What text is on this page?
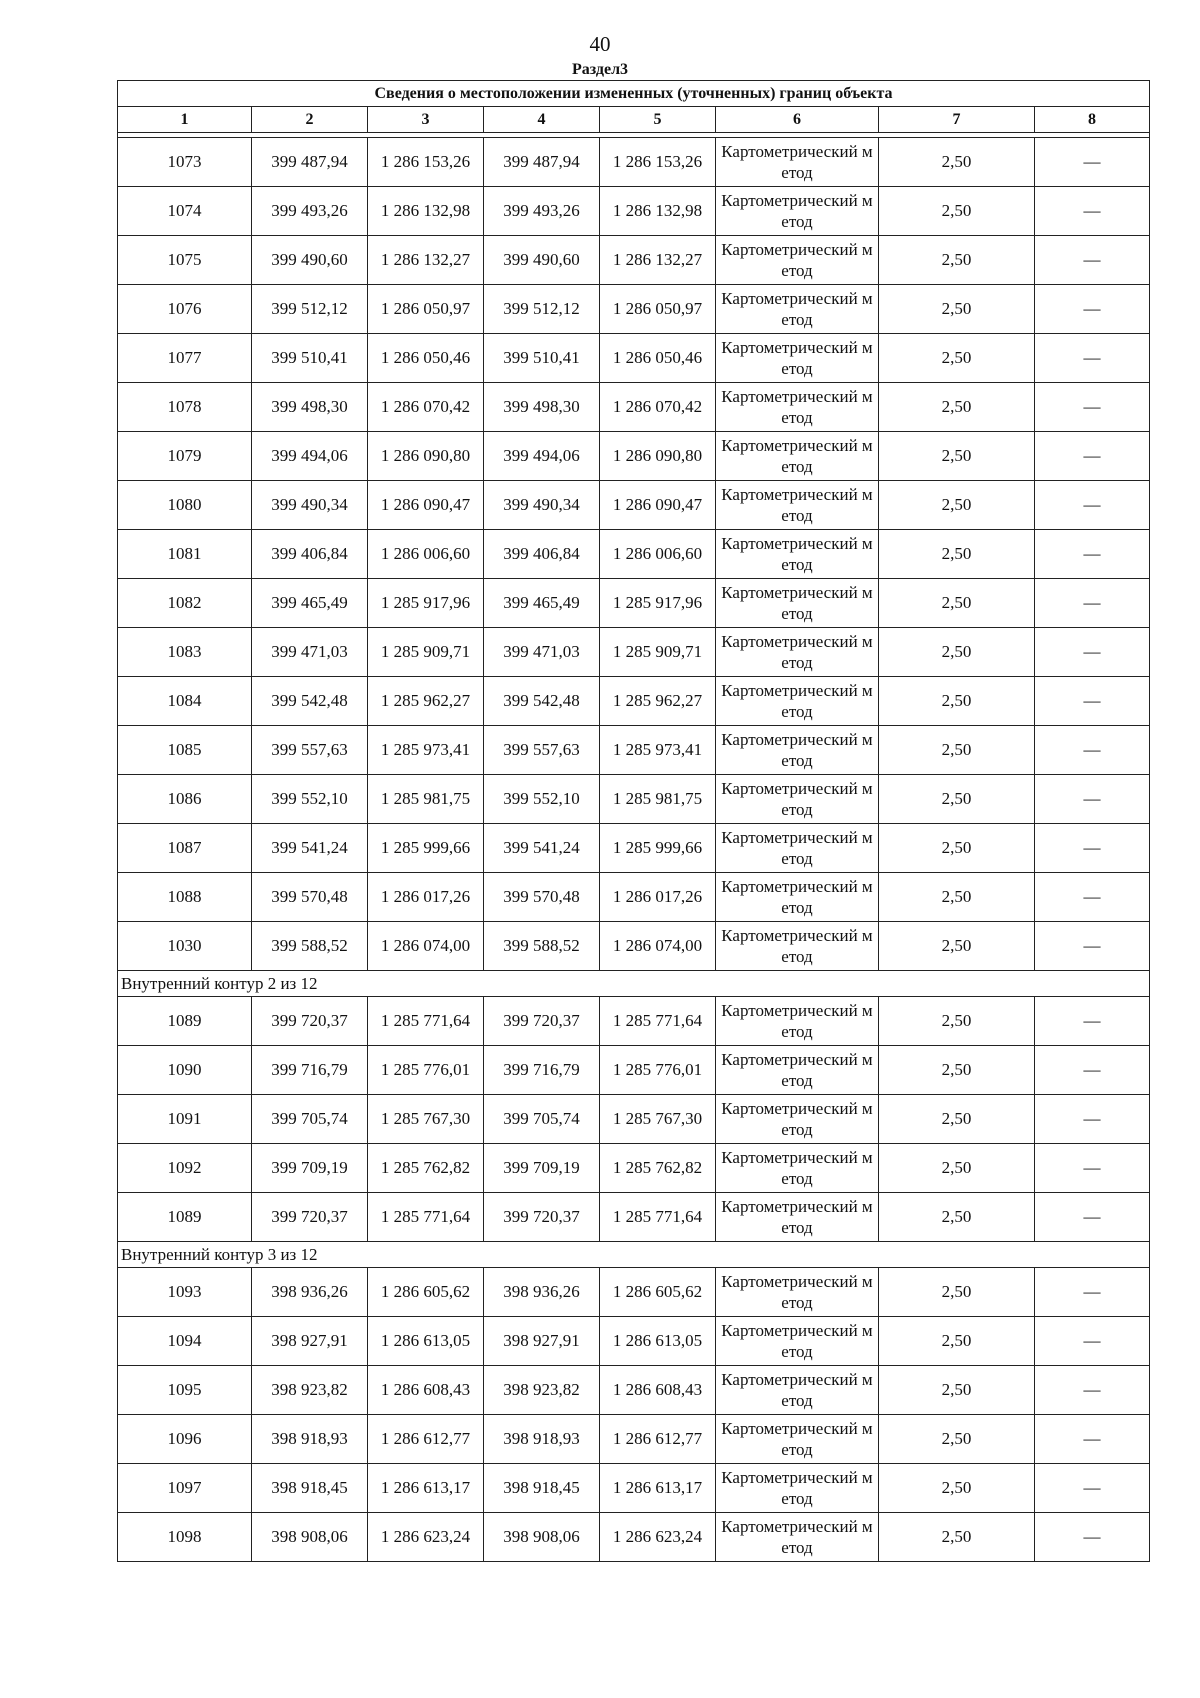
40
Раздел3
Сведения о местоположении измененных (уточненных) границ объекта							
1	2	3	4	5	6	7	8

1073	399 487,94	1 286 153,26	399 487,94	1 286 153,26	Картометрический метод	2,50	—
1074	399 493,26	1 286 132,98	399 493,26	1 286 132,98	Картометрический метод	2,50	—
1075	399 490,60	1 286 132,27	399 490,60	1 286 132,27	Картометрический метод	2,50	—
1076	399 512,12	1 286 050,97	399 512,12	1 286 050,97	Картометрический метод	2,50	—
1077	399 510,41	1 286 050,46	399 510,41	1 286 050,46	Картометрический метод	2,50	—
1078	399 498,30	1 286 070,42	399 498,30	1 286 070,42	Картометрический метод	2,50	—
1079	399 494,06	1 286 090,80	399 494,06	1 286 090,80	Картометрический метод	2,50	—
1080	399 490,34	1 286 090,47	399 490,34	1 286 090,47	Картометрический метод	2,50	—
1081	399 406,84	1 286 006,60	399 406,84	1 286 006,60	Картометрический метод	2,50	—
1082	399 465,49	1 285 917,96	399 465,49	1 285 917,96	Картометрический метод	2,50	—
1083	399 471,03	1 285 909,71	399 471,03	1 285 909,71	Картометрический метод	2,50	—
1084	399 542,48	1 285 962,27	399 542,48	1 285 962,27	Картометрический метод	2,50	—
1085	399 557,63	1 285 973,41	399 557,63	1 285 973,41	Картометрический метод	2,50	—
1086	399 552,10	1 285 981,75	399 552,10	1 285 981,75	Картометрический метод	2,50	—
1087	399 541,24	1 285 999,66	399 541,24	1 285 999,66	Картометрический метод	2,50	—
1088	399 570,48	1 286 017,26	399 570,48	1 286 017,26	Картометрический метод	2,50	—
1030	399 588,52	1 286 074,00	399 588,52	1 286 074,00	Картометрический метод	2,50	—
Внутренний контур 2 из 12							
1089	399 720,37	1 285 771,64	399 720,37	1 285 771,64	Картометрический метод	2,50	—
1090	399 716,79	1 285 776,01	399 716,79	1 285 776,01	Картометрический метод	2,50	—
1091	399 705,74	1 285 767,30	399 705,74	1 285 767,30	Картометрический метод	2,50	—
1092	399 709,19	1 285 762,82	399 709,19	1 285 762,82	Картометрический метод	2,50	—
1089	399 720,37	1 285 771,64	399 720,37	1 285 771,64	Картометрический метод	2,50	—
Внутренний контур 3 из 12							
1093	398 936,26	1 286 605,62	398 936,26	1 286 605,62	Картометрический метод	2,50	—
1094	398 927,91	1 286 613,05	398 927,91	1 286 613,05	Картометрический метод	2,50	—
1095	398 923,82	1 286 608,43	398 923,82	1 286 608,43	Картометрический метод	2,50	—
1096	398 918,93	1 286 612,77	398 918,93	1 286 612,77	Картометрический метод	2,50	—
1097	398 918,45	1 286 613,17	398 918,45	1 286 613,17	Картометрический метод	2,50	—
1098	398 908,06	1 286 623,24	398 908,06	1 286 623,24	Картометрический метод	2,50	—
